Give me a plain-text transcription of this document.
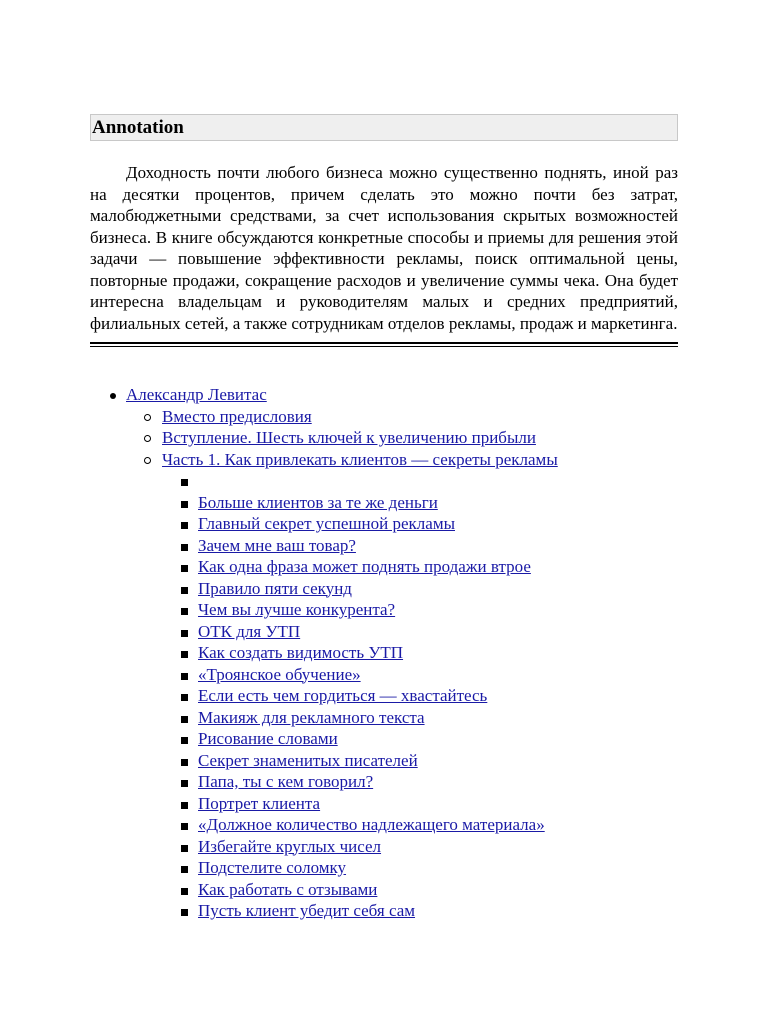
Annotation

Доходность почти любого бизнеса можно существенно поднять, иной раз на десятки процентов, причем сделать это можно почти без затрат, малобюджетными средствами, за счет использования скрытых возможностей бизнеса. В книге обсуждаются конкретные способы и приемы для решения этой задачи — повышение эффективности рекламы, поиск оптимальной цены, повторные продажи, сокращение расходов и увеличение суммы чека. Она будет интересна владельцам и руководителям малых и средних предприятий, филиальных сетей, а также сотрудникам отделов рекламы, продаж и маркетинга.

Александр Левитас
Вместо предисловия
Вступление. Шесть ключей к увеличению прибыли
Часть 1. Как привлекать клиентов — секреты рекламы
Больше клиентов за те же деньги
Главный секрет успешной рекламы
Зачем мне ваш товар?
Как одна фраза может поднять продажи втрое
Правило пяти секунд
Чем вы лучше конкурента?
ОТК для УТП
Как создать видимость УТП
«Троянское обучение»
Если есть чем гордиться — хвастайтесь
Макияж для рекламного текста
Рисование словами
Секрет знаменитых писателей
Папа, ты с кем говорил?
Портрет клиента
«Должное количество надлежащего материала»
Избегайте круглых чисел
Подстелите соломку
Как работать с отзывами
Пусть клиент убедит себя сам
